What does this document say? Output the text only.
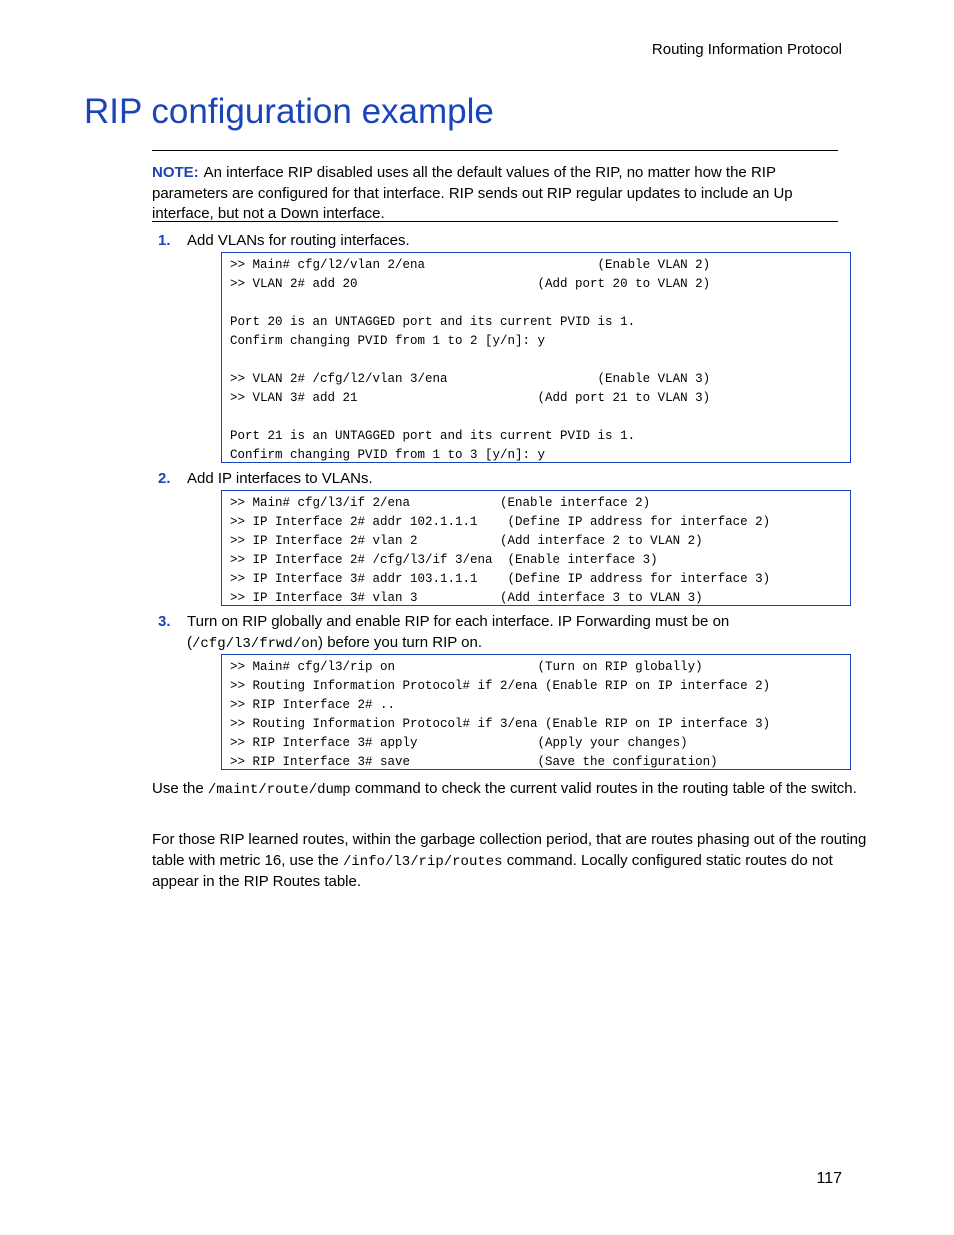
Routing Information Protocol
RIP configuration example
NOTE: An interface RIP disabled uses all the default values of the RIP, no matter how the RIP parameters are configured for that interface. RIP sends out RIP regular updates to include an Up interface, but not a Down interface.
1. Add VLANs for routing interfaces.
>> Main# cfg/l2/vlan 2/ena                       (Enable VLAN 2)
>> VLAN 2# add 20                        (Add port 20 to VLAN 2)
Port 20 is an UNTAGGED port and its current PVID is 1.
Confirm changing PVID from 1 to 2 [y/n]: y
>> VLAN 2# /cfg/l2/vlan 3/ena                    (Enable VLAN 3)
>> VLAN 3# add 21                        (Add port 21 to VLAN 3)
Port 21 is an UNTAGGED port and its current PVID is 1.
Confirm changing PVID from 1 to 3 [y/n]: y
2. Add IP interfaces to VLANs.
>> Main# cfg/l3/if 2/ena            (Enable interface 2)
>> IP Interface 2# addr 102.1.1.1    (Define IP address for interface 2)
>> IP Interface 2# vlan 2           (Add interface 2 to VLAN 2)
>> IP Interface 2# /cfg/l3/if 3/ena  (Enable interface 3)
>> IP Interface 3# addr 103.1.1.1    (Define IP address for interface 3)
>> IP Interface 3# vlan 3           (Add interface 3 to VLAN 3)
3. Turn on RIP globally and enable RIP for each interface. IP Forwarding must be on
(/cfg/l3/frwd/on) before you turn RIP on.
>> Main# cfg/l3/rip on                   (Turn on RIP globally)
>> Routing Information Protocol# if 2/ena (Enable RIP on IP interface 2)
>> RIP Interface 2# ..
>> Routing Information Protocol# if 3/ena (Enable RIP on IP interface 3)
>> RIP Interface 3# apply                (Apply your changes)
>> RIP Interface 3# save                 (Save the configuration)

Use the /maint/route/dump command to check the current valid routes in the routing table of the switch.

For those RIP learned routes, within the garbage collection period, that are routes phasing out of the routing table with metric 16, use the /info/l3/rip/routes command. Locally configured static routes do not appear in the RIP Routes table.

117
